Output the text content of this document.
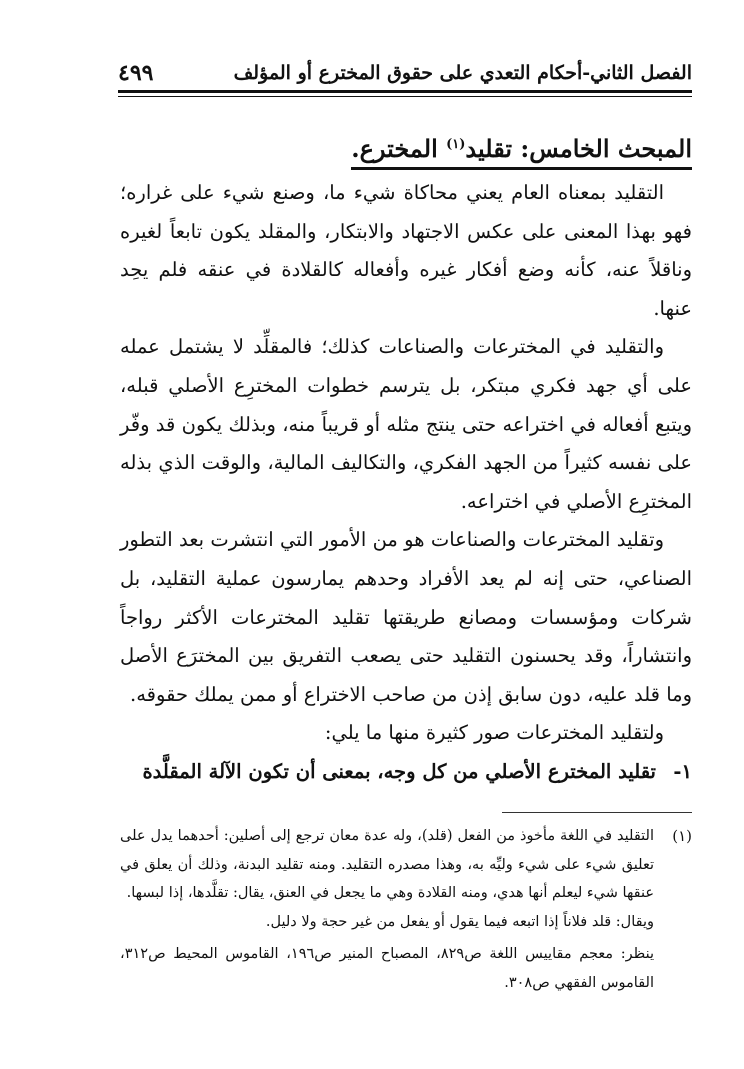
الفصل الثاني-أحكام التعدي على حقوق المخترع أو المؤلف
٤٩٩
المبحث الخامس: تقليد$^{(١)}$ المخترع.

التقليد بمعناه العام يعني محاكاة شيء ما، وصنع شيء على غراره؛ فهو بهذا المعنى على عكس الاجتهاد والابتكار، والمقلد يكون تابعاً لغيره وناقلاً عنه، كأنه وضع أفكار غيره وأفعاله كالقلادة في عنقه فلم يحِد عنها.

والتقليد في المخترعات والصناعات كذلك؛ فالمقلِّد لا يشتمل عمله على أي جهد فكري مبتكر، بل يترسم خطوات المخترِع الأصلي قبله، ويتبع أفعاله في اختراعه حتى ينتج مثله أو قريباً منه، وبذلك يكون قد وفّر على نفسه كثيراً من الجهد الفكري، والتكاليف المالية، والوقت الذي بذله المخترِع الأصلي في اختراعه.

وتقليد المخترعات والصناعات هو من الأمور التي انتشرت بعد التطور الصناعي، حتى إنه لم يعد الأفراد وحدهم يمارسون عملية التقليد، بل شركات ومؤسسات ومصانع طريقتها تقليد المخترعات الأكثر رواجاً وانتشاراً، وقد يحسنون التقليد حتى يصعب التفريق بين المخترَع الأصل وما قلد عليه، دون سابق إذن من صاحب الاختراع أو ممن يملك حقوقه.

ولتقليد المخترعات صور كثيرة منها ما يلي:

١-تقليد المخترع الأصلي من كل وجه، بمعنى أن تكون الآلة المقلَّدة

(١)

التقليد في اللغة مأخوذ من الفعل (قلد)، وله عدة معان ترجع إلى أصلين: أحدهما يدل على تعليق شيء على شيء وليِّه به، وهذا مصدره التقليد. ومنه تقليد البدنة، وذلك أن يعلق في عنقها شيء ليعلم أنها هدي، ومنه القلادة وهي ما يجعل في العنق، يقال: تقلَّدها، إذا لبسها.

ويقال: قلد فلاناً إذا اتبعه فيما يقول أو يفعل من غير حجة ولا دليل.

ينظر: معجم مقاييس اللغة ص٨٢٩، المصباح المنير ص١٩٦، القاموس المحيط ص٣١٢، القاموس الفقهي ص٣٠٨.
